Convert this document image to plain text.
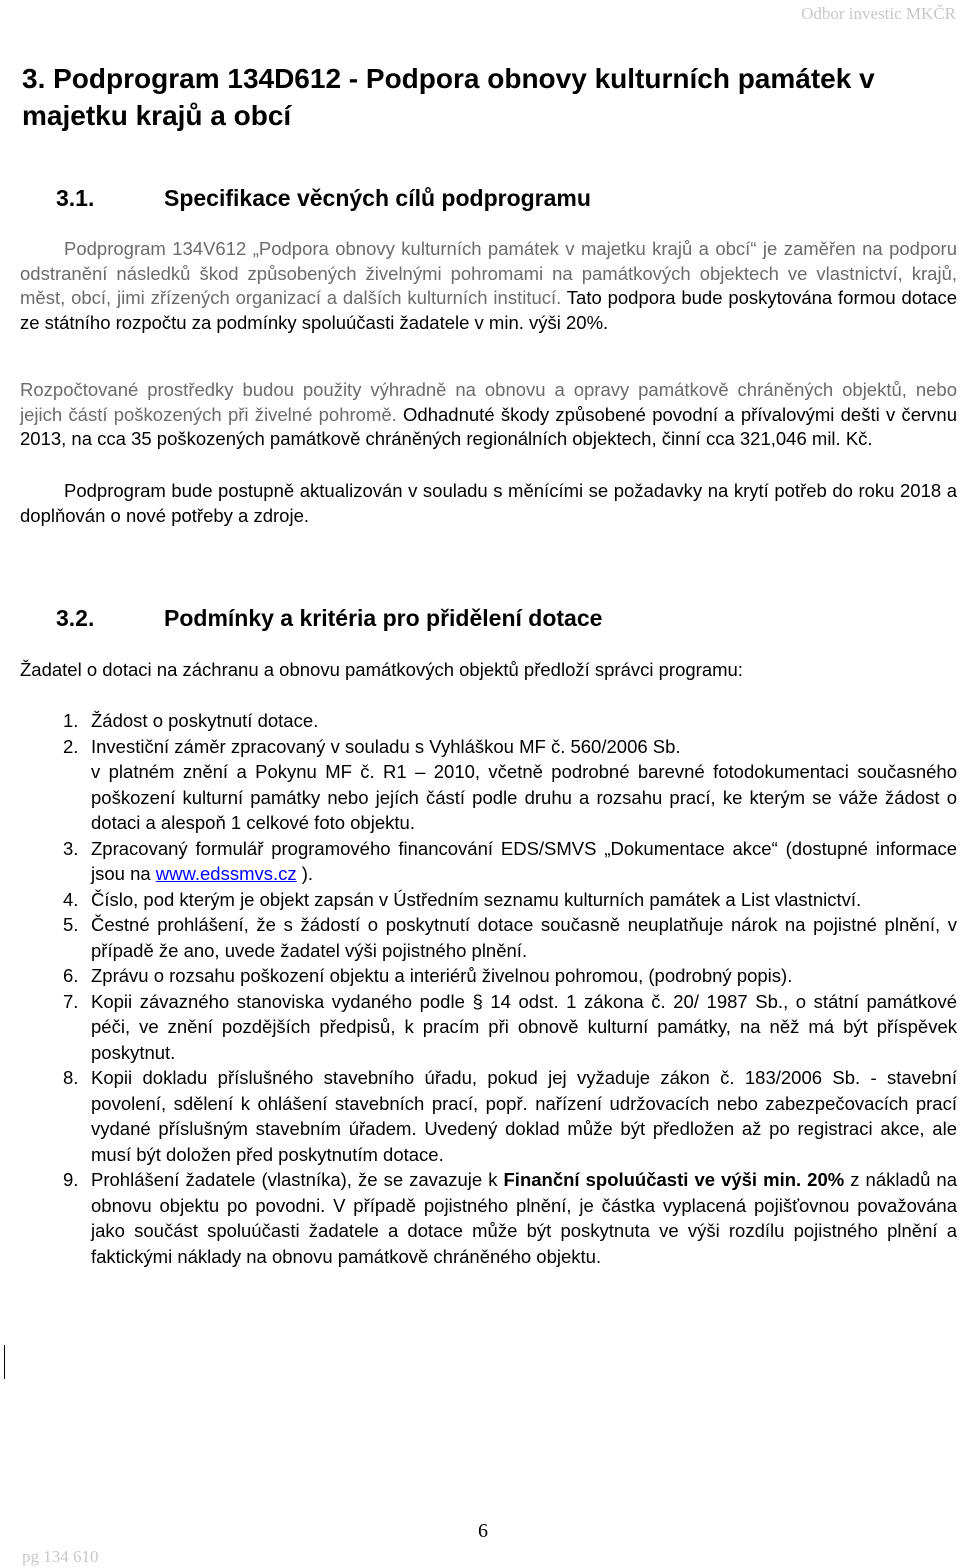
Odbor investic MKČR
3. Podprogram 134D612 - Podpora obnovy kulturních památek v majetku krajů a obcí
3.1.	Specifikace věcných cílů podprogramu
Podprogram 134V612 „Podpora obnovy kulturních památek v majetku krajů a obcí“ je zaměřen na podporu odstranění následků škod způsobených živelnými pohromami na památkových objektech ve vlastnictví, krajů, měst, obcí, jimi zřízených organizací a dalších kulturních institucí. Tato podpora bude poskytována formou dotace ze státního rozpočtu za podmínky spoluúčasti žadatele v min. výši 20%.
Rozpočtované prostředky budou použity výhradně na obnovu a opravy památkově chráněných objektů, nebo jejich částí poškozených při živelné pohromě. Odhadnuté škody způsobené povodní a přívalovými dešti v červnu 2013, na cca 35 poškozených památkově chráněných regionálních objektech, činní cca 321,046 mil. Kč.
Podprogram bude postupně aktualizován v souladu s měnícími se požadavky na krytí potřeb do roku 2018 a doplňován o nové potřeby a zdroje.
3.2.	Podmínky a kritéria pro přidělení dotace
Žadatel o dotaci na záchranu a obnovu památkových objektů předloží správci programu:
1. Žádost o poskytnutí dotace.
2. Investiční záměr zpracovaný v souladu s Vyhláškou MF č. 560/2006 Sb.
v platném znění a Pokynu MF č. R1 – 2010, včetně podrobné barevné fotodokumentaci současného poškození kulturní památky nebo jejích částí podle druhu a rozsahu prací, ke kterým se váže žádost o dotaci a alespoň 1 celkové foto objektu.
3. Zpracovaný formulář programového financování EDS/SMVS „Dokumentace akce“ (dostupné informace jsou na www.edssmvs.cz ).
4. Číslo, pod kterým je objekt zapsán v Ústředním seznamu kulturních památek a List vlastnictví.
5. Čestné prohlášení, že s žádostí o poskytnutí dotace současně neuplatňuje nárok na pojistné plnění, v případě že ano, uvede žadatel výši pojistného plnění.
6. Zprávu o rozsahu poškození objektu a interiérů živelnou pohromou, (podrobný popis).
7. Kopii závazného stanoviska vydaného podle § 14 odst. 1 zákona č. 20/ 1987 Sb., o státní památkové péči, ve znění pozdějších předpisů, k pracím při obnově kulturní památky, na něž má být příspěvek poskytnut.
8. Kopii dokladu příslušného stavebního úřadu, pokud jej vyžaduje zákon č. 183/2006 Sb. - stavební povolení, sdělení k ohlášení stavebních prací, popř. nařízení udržovacích nebo zabezpečovacích prací vydané příslušným stavebním úřadem. Uvedený doklad může být předložen až po registraci akce, ale musí být doložen před poskytnutím dotace.
9. Prohlášení žadatele (vlastníka), že se zavazuje k Finanční spoluúčasti ve výši min. 20% z nákladů na obnovu objektu po povodni. V případě pojistného plnění, je částka vyplacená pojišťovnou považována jako součást spoluúčasti žadatele a dotace může být poskytnuta ve výši rozdílu pojistného plnění a faktickými náklady na obnovu památkově chráněného objektu.
6
pg 134 610
